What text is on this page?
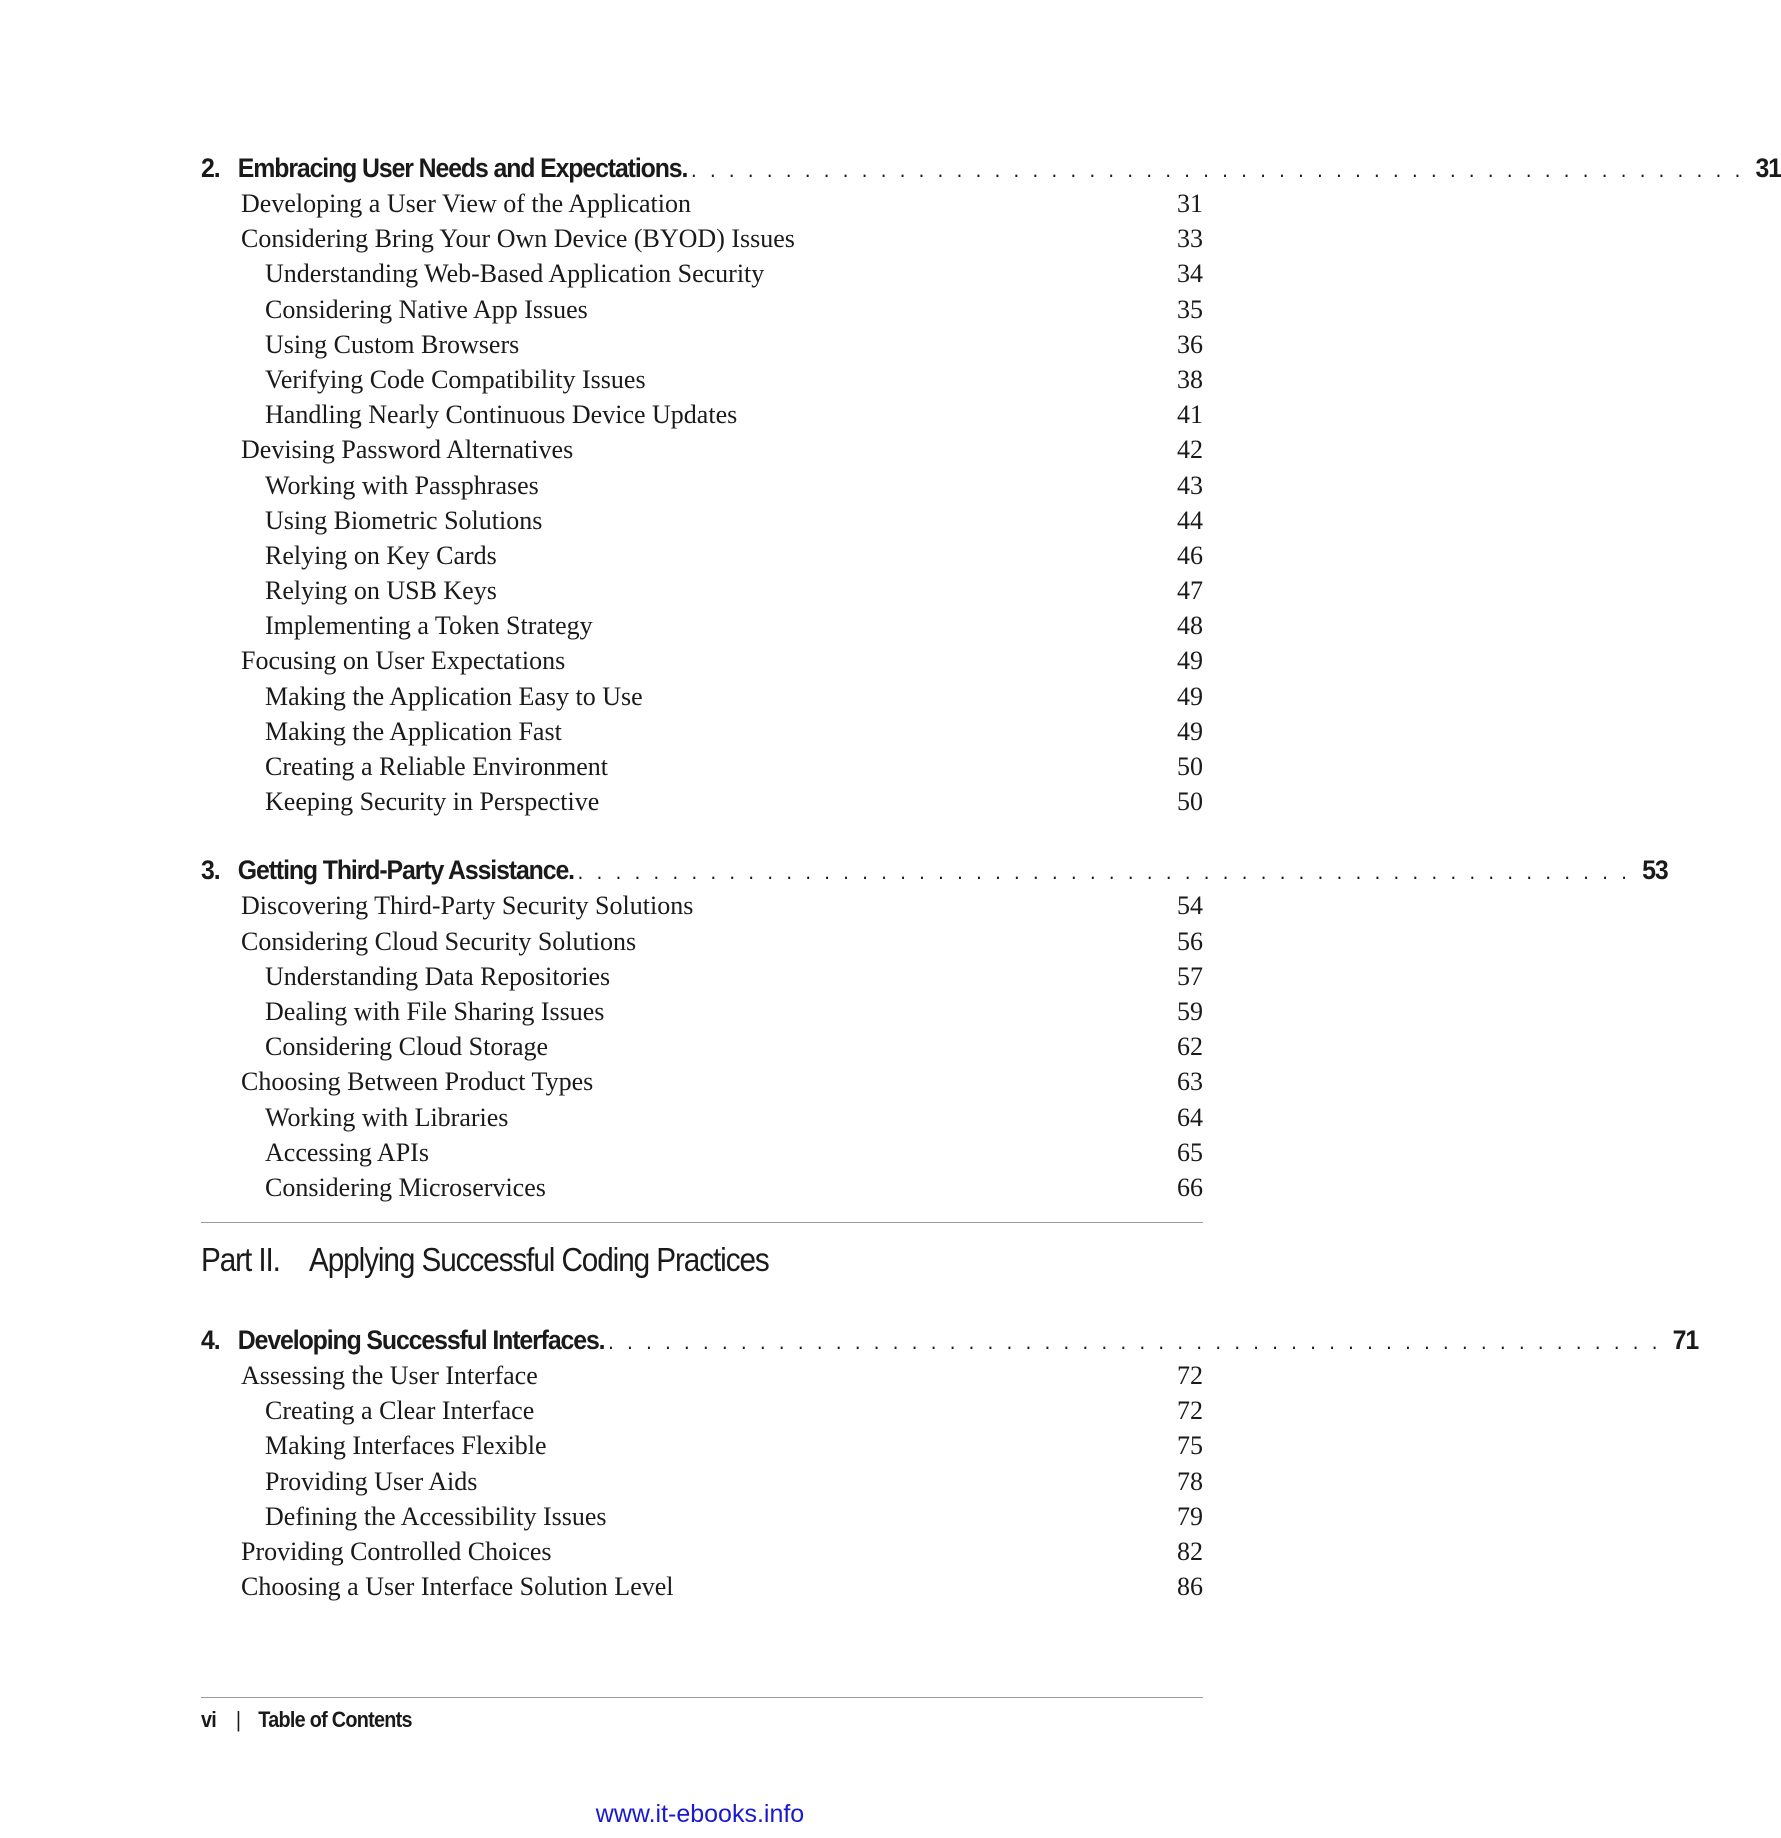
2. Embracing User Needs and Expectations. . . . . . . . . . . . . . . . . . . . . . . . . . . . . . . . . . . . . . . . . . . . . . . . . . . . . . . . . 31
Developing a User View of the Application	31
Considering Bring Your Own Device (BYOD) Issues	33
Understanding Web-Based Application Security	34
Considering Native App Issues	35
Using Custom Browsers	36
Verifying Code Compatibility Issues	38
Handling Nearly Continuous Device Updates	41
Devising Password Alternatives	42
Working with Passphrases	43
Using Biometric Solutions	44
Relying on Key Cards	46
Relying on USB Keys	47
Implementing a Token Strategy	48
Focusing on User Expectations	49
Making the Application Easy to Use	49
Making the Application Fast	49
Creating a Reliable Environment	50
Keeping Security in Perspective	50
3. Getting Third-Party Assistance. . . . . . . . . . . . . . . . . . . . . . . . . . . . . . . . . . . . . . . . . . . . . . . . . . . . . . . . . 53
Discovering Third-Party Security Solutions	54
Considering Cloud Security Solutions	56
Understanding Data Repositories	57
Dealing with File Sharing Issues	59
Considering Cloud Storage	62
Choosing Between Product Types	63
Working with Libraries	64
Accessing APIs	65
Considering Microservices	66
Part II. Applying Successful Coding Practices
4. Developing Successful Interfaces. . . . . . . . . . . . . . . . . . . . . . . . . . . . . . . . . . . . . . . . . . . . . . . . . . . . . . . . . 71
Assessing the User Interface	72
Creating a Clear Interface	72
Making Interfaces Flexible	75
Providing User Aids	78
Defining the Accessibility Issues	79
Providing Controlled Choices	82
Choosing a User Interface Solution Level	86
vi | Table of Contents
www.it-ebooks.info
